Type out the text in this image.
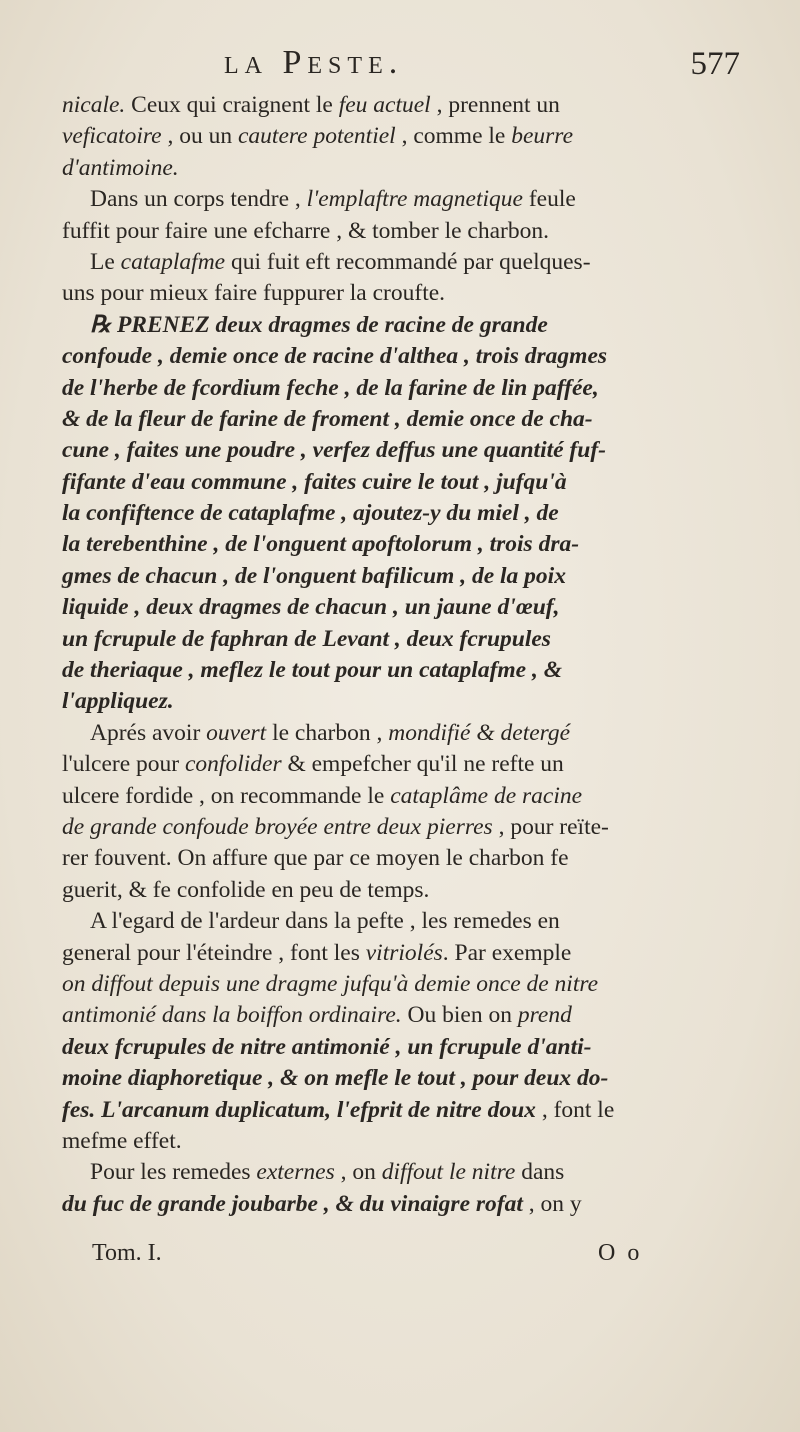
la Peste.	577
nicale. Ceux qui craignent le feu actuel , prennent un
veficatoire , ou un cautere potentiel , comme le beurre
d'antimoine.
Dans un corps tendre , l'emplaftre magnetique feule
fuffit pour faire une efcharre , & tomber le charbon.
Le cataplafme qui fuit eft recommandé par quelques-
uns pour mieux faire fuppurer la croufte.
℞ PRENEZ deux dragmes de racine de grande
confoude , demie once de racine d'althea , trois dragmes
de l'herbe de fcordium feche , de la farine de lin paffée,
& de la fleur de farine de froment , demie once de cha-
cune , faites une poudre , verfez deffus une quantité fuf-
fifante d'eau commune , faites cuire le tout , jufqu'à
la confiftence de cataplafme , ajoutez-y du miel , de
la terebenthine , de l'onguent apoftolorum , trois dra-
gmes de chacun , de l'onguent bafilicum , de la poix
liquide , deux dragmes de chacun , un jaune d'œuf,
un fcrupule de faphran de Levant , deux fcrupules
de theriaque , meflez le tout pour un cataplafme , &
l'appliquez.
Aprés avoir ouvert le charbon , mondifié & detergé
l'ulcere pour confolider & empefcher qu'il ne refte un
ulcere fordide , on recommande le cataplâme de racine
de grande confoude broyée entre deux pierres , pour reïte-
rer fouvent. On affure que par ce moyen le charbon fe
guerit, & fe confolide en peu de temps.
A l'egard de l'ardeur dans la pefte , les remedes en
general pour l'éteindre , font les vitriolés. Par exemple
on diffout depuis une dragme jufqu'à demie once de nitre
antimonié dans la boiffon ordinaire. Ou bien on prend
deux fcrupules de nitre antimonié , un fcrupule d'anti-
moine diaphoretique , & on mefle le tout , pour deux do-
fes. L'arcanum duplicatum, l'efprit de nitre doux , font le
mefme effet.
Pour les remedes externes , on diffout le nitre dans
du fuc de grande joubarbe , & du vinaigre rofat , on y
Tom. I.	O o
